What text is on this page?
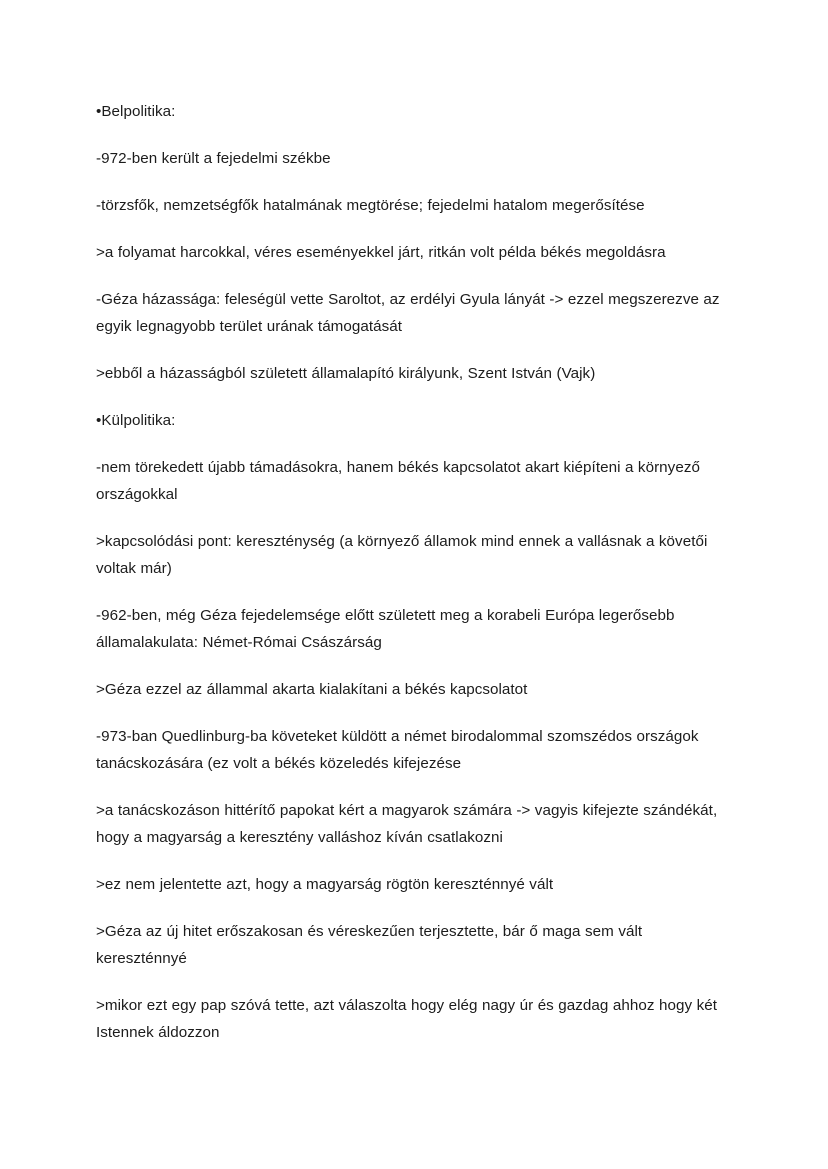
•Belpolitika:

-972-ben került a fejedelmi székbe

-törzsfők, nemzetségfők hatalmának megtörése; fejedelmi hatalom megerősítése

>a folyamat harcokkal, véres eseményekkel járt, ritkán volt példa békés megoldásra

-Géza házassága: feleségül vette Saroltot, az erdélyi Gyula lányát -> ezzel megszerezve az egyik legnagyobb terület urának támogatását

>ebből a házasságból született államalapító királyunk, Szent István (Vajk)

•Külpolitika:

-nem törekedett újabb támadásokra, hanem békés kapcsolatot akart kiépíteni a környező országokkal

>kapcsolódási pont: kereszténység (a környező államok mind ennek a vallásnak a követői voltak már)

-962-ben, még Géza fejedelemsége előtt született meg a korabeli Európa legerősebb államalakulata: Német-Római Császárság

>Géza ezzel az állammal akarta kialakítani a békés kapcsolatot

-973-ban Quedlinburg-ba követeket küldött a német birodalommal szomszédos országok tanácskozására (ez volt a békés közeledés kifejezése

>a tanácskozáson hittérítő papokat kért a magyarok számára -> vagyis kifejezte szándékát, hogy a magyarság a keresztény valláshoz kíván csatlakozni

>ez nem jelentette azt, hogy a magyarság rögtön kereszténnyé vált

>Géza az új hitet erőszakosan és véreskezűen terjesztette, bár ő maga sem vált kereszténnyé

>mikor ezt egy pap szóvá tette, azt válaszolta hogy elég nagy úr és gazdag ahhoz hogy két Istennek áldozzon
